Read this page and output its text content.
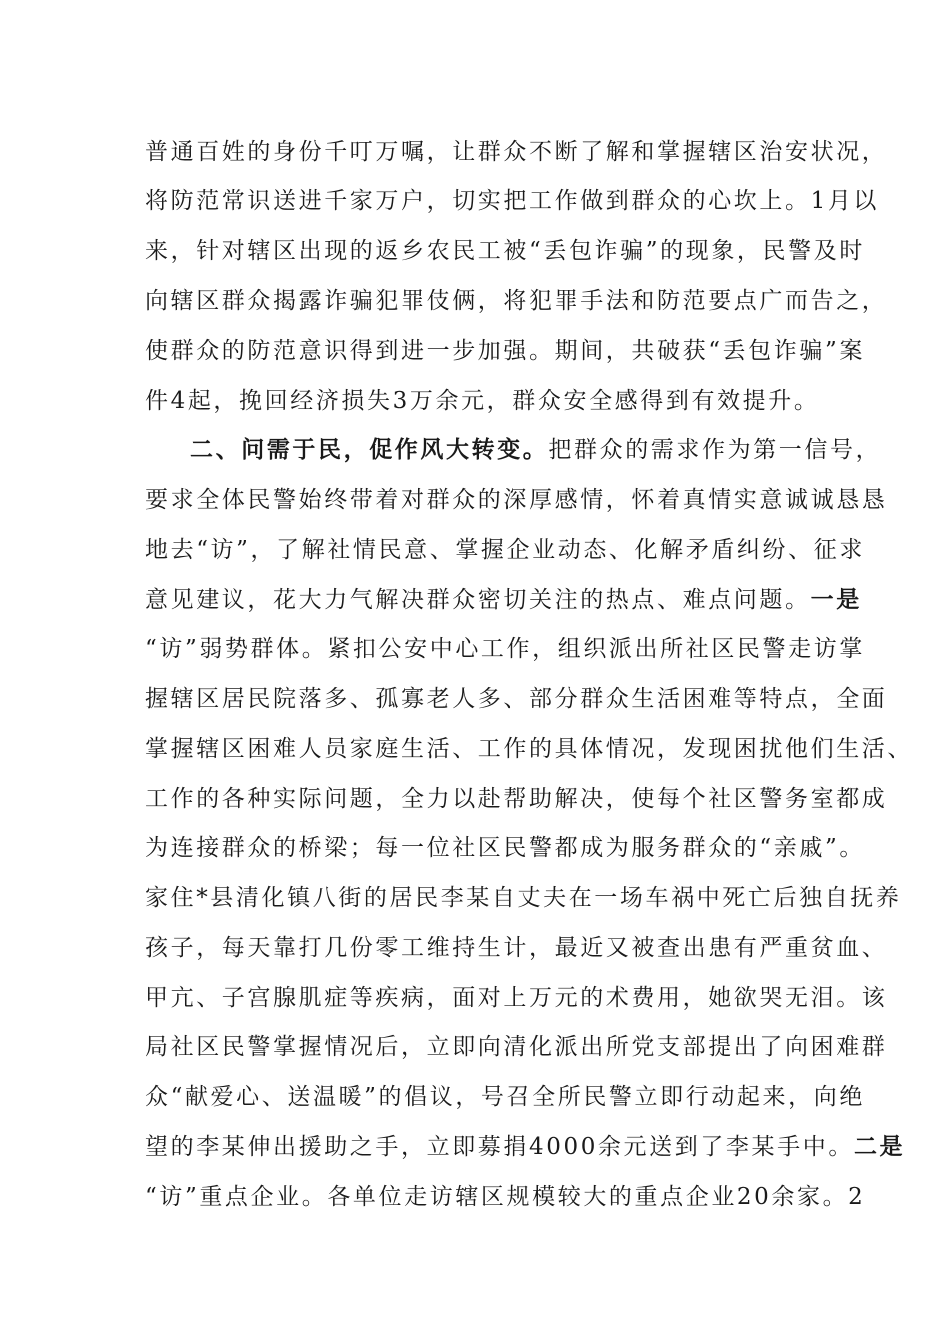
普通百姓的身份千叮万嘱，让群众不断了解和掌握辖区治安状况，
将防范常识送进千家万户，切实把工作做到群众的心坎上。1月以
来，针对辖区出现的返乡农民工被“丢包诈骗”的现象，民警及时
向辖区群众揭露诈骗犯罪伎俩，将犯罪手法和防范要点广而告之，
使群众的防范意识得到进一步加强。期间，共破获“丢包诈骗”案
件4起，挽回经济损失3万余元，群众安全感得到有效提升。
二、问需于民，促作风大转变。把群众的需求作为第一信号，
要求全体民警始终带着对群众的深厚感情，怀着真情实意诚诚恳恳
地去“访”，了解社情民意、掌握企业动态、化解矛盾纠纷、征求
意见建议，花大力气解决群众密切关注的热点、难点问题。一是
“访”弱势群体。紧扣公安中心工作，组织派出所社区民警走访掌
握辖区居民院落多、孤寡老人多、部分群众生活困难等特点，全面
掌握辖区困难人员家庭生活、工作的具体情况，发现困扰他们生活、
工作的各种实际问题，全力以赴帮助解决，使每个社区警务室都成
为连接群众的桥梁；每一位社区民警都成为服务群众的“亲戚”。
家住*县清化镇八街的居民李某自丈夫在一场车祸中死亡后独自抚养
孩子，每天靠打几份零工维持生计，最近又被查出患有严重贫血、
甲亢、子宫腺肌症等疾病，面对上万元的术费用，她欲哭无泪。该
局社区民警掌握情况后，立即向清化派出所党支部提出了向困难群
众“献爱心、送温暖”的倡议，号召全所民警立即行动起来，向绝
望的李某伸出援助之手，立即募捐4000余元送到了李某手中。二是
“访”重点企业。各单位走访辖区规模较大的重点企业20余家。2
